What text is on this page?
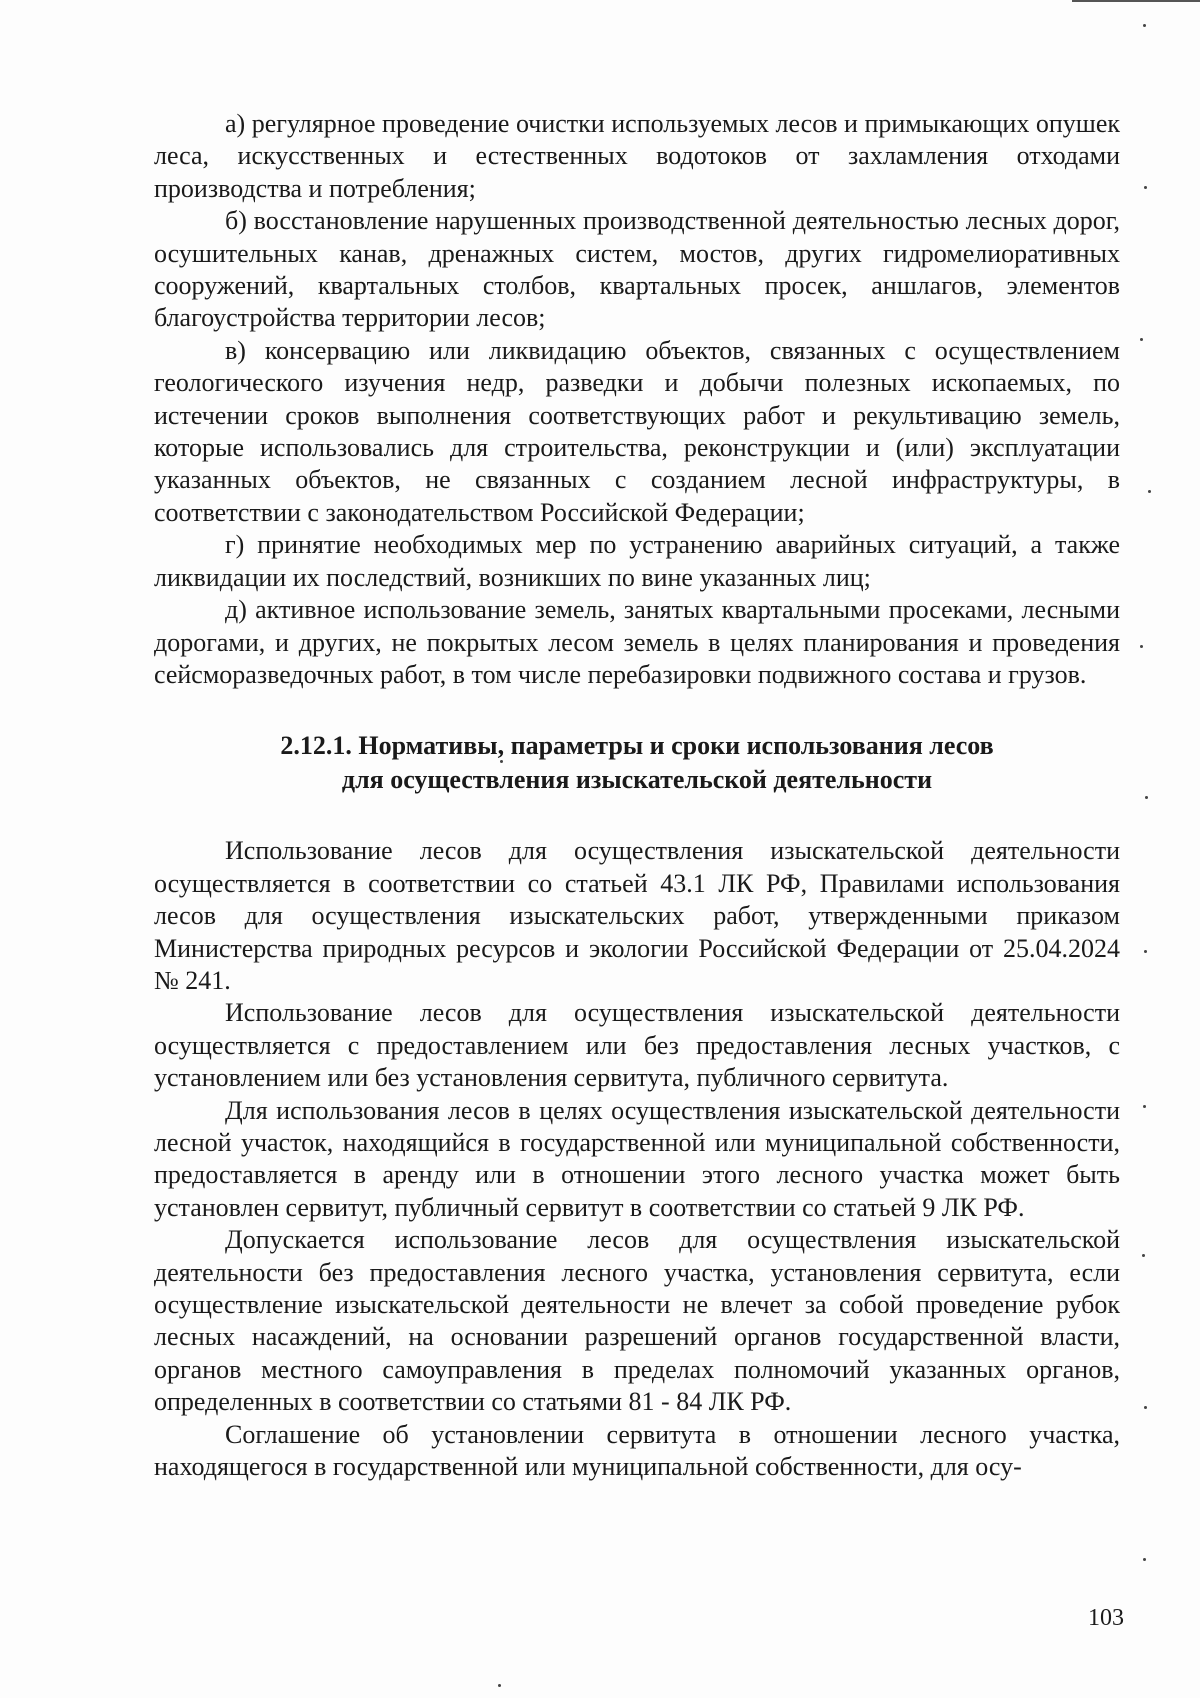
а) регулярное проведение очистки используемых лесов и примыкающих опушек леса, искусственных и естественных водотоков от захламления отходами производства и потребления;

б) восстановление нарушенных производственной деятельностью лесных дорог, осушительных канав, дренажных систем, мостов, других гидромелиоративных сооружений, квартальных столбов, квартальных просек, аншлагов, элементов благоустройства территории лесов;

в) консервацию или ликвидацию объектов, связанных с осуществлением геологического изучения недр, разведки и добычи полезных ископаемых, по истечении сроков выполнения соответствующих работ и рекультивацию земель, которые использовались для строительства, реконструкции и (или) эксплуатации указанных объектов, не связанных с созданием лесной инфраструктуры, в соответствии с законодательством Российской Федерации;

г) принятие необходимых мер по устранению аварийных ситуаций, а также ликвидации их последствий, возникших по вине указанных лиц;

д) активное использование земель, занятых квартальными просеками, лесными дорогами, и других, не покрытых лесом земель в целях планирования и проведения сейсморазведочных работ, в том числе перебазировки подвижного состава и грузов.

2.12.1. Нормативы, параметры и сроки использования лесов
для осуществления изыскательской деятельности

Использование лесов для осуществления изыскательской деятельности осуществляется в соответствии со статьей 43.1 ЛК РФ, Правилами использования лесов для осуществления изыскательских работ, утвержденными приказом Министерства природных ресурсов и экологии Российской Федерации от 25.04.2024 № 241.

Использование лесов для осуществления изыскательской деятельности осуществляется с предоставлением или без предоставления лесных участков, с установлением или без установления сервитута, публичного сервитута.

Для использования лесов в целях осуществления изыскательской деятельности лесной участок, находящийся в государственной или муниципальной собственности, предоставляется в аренду или в отношении этого лесного участка может быть установлен сервитут, публичный сервитут в соответствии со статьей 9 ЛК РФ.

Допускается использование лесов для осуществления изыскательской деятельности без предоставления лесного участка, установления сервитута, если осуществление изыскательской деятельности не влечет за собой проведение рубок лесных насаждений, на основании разрешений органов государственной власти, органов местного самоуправления в пределах полномочий указанных органов, определенных в соответствии со статьями 81 - 84 ЛК РФ.

Соглашение об установлении сервитута в отношении лесного участка, находящегося в государственной или муниципальной собственности, для осу-

103
